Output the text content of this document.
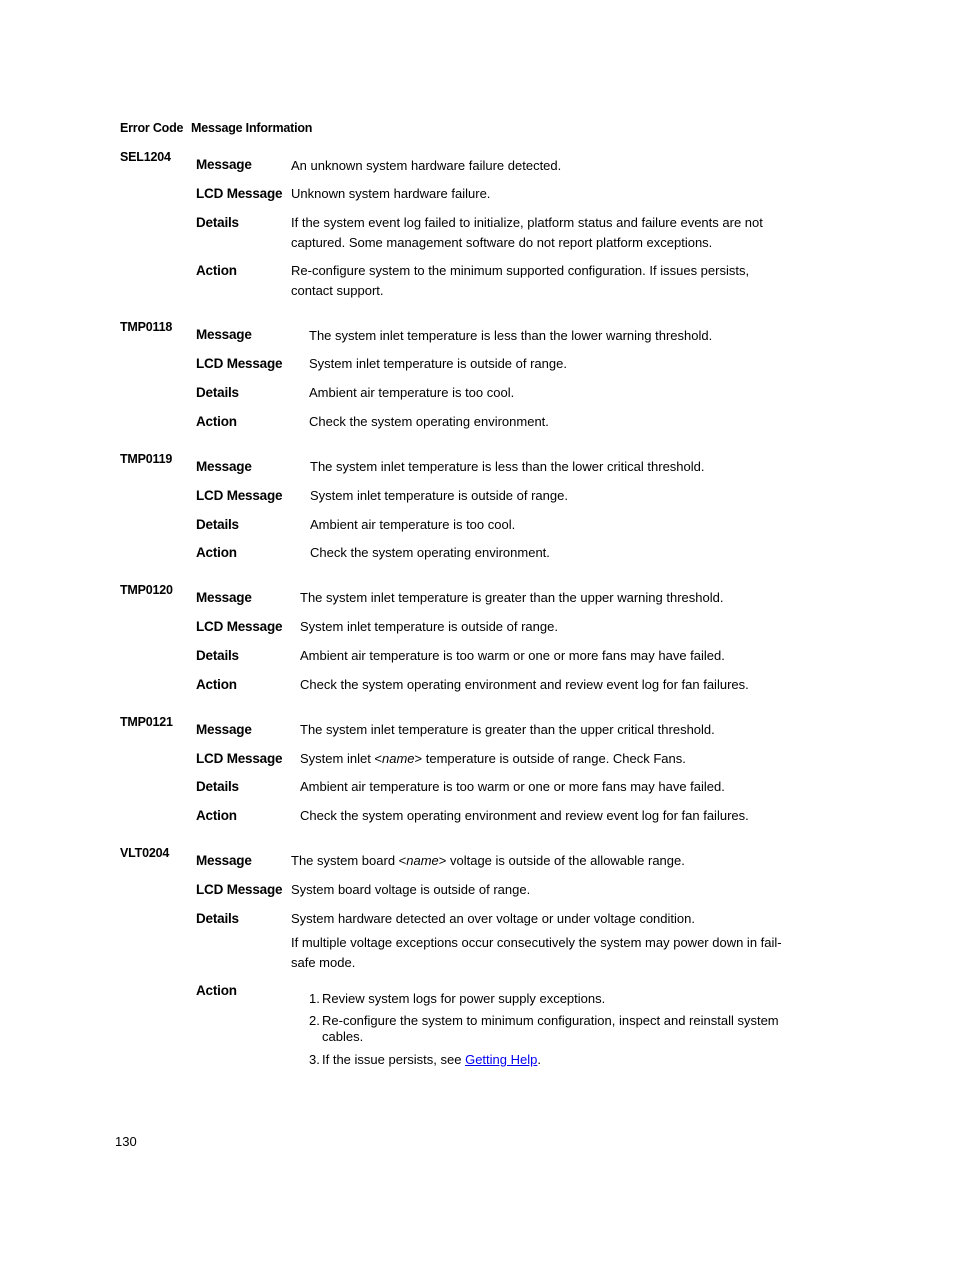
Error Code Message Information
SEL1204 Message	An unknown system hardware failure detected.
LCD Message Unknown system hardware failure.
Details	If the system event log failed to initialize, platform status and failure events are not captured. Some management software do not report platform exceptions.
Action	Re-configure system to the minimum supported configuration. If issues persists, contact support.
TMP0118 Message	The system inlet temperature is less than the lower warning threshold.
LCD Message System inlet temperature is outside of range.
Details	Ambient air temperature is too cool.
Action	Check the system operating environment.
TMP0119 Message	The system inlet temperature is less than the lower critical threshold.
LCD Message System inlet temperature is outside of range.
Details	Ambient air temperature is too cool.
Action	Check the system operating environment.
TMP0120 Message	The system inlet temperature is greater than the upper warning threshold.
LCD Message System inlet temperature is outside of range.
Details	Ambient air temperature is too warm or one or more fans may have failed.
Action	Check the system operating environment and review event log for fan failures.
TMP0121 Message	The system inlet temperature is greater than the upper critical threshold.
LCD Message System inlet <name> temperature is outside of range. Check Fans.
Details	Ambient air temperature is too warm or one or more fans may have failed.
Action	Check the system operating environment and review event log for fan failures.
VLT0204 Message	The system board <name> voltage is outside of the allowable range.
LCD Message System board voltage is outside of range.
Details	System hardware detected an over voltage or under voltage condition.
If multiple voltage exceptions occur consecutively the system may power down in fail-safe mode.
Action
1. Review system logs for power supply exceptions.
2. Re-configure the system to minimum configuration, inspect and reinstall system cables.
3. If the issue persists, see Getting Help.
130
